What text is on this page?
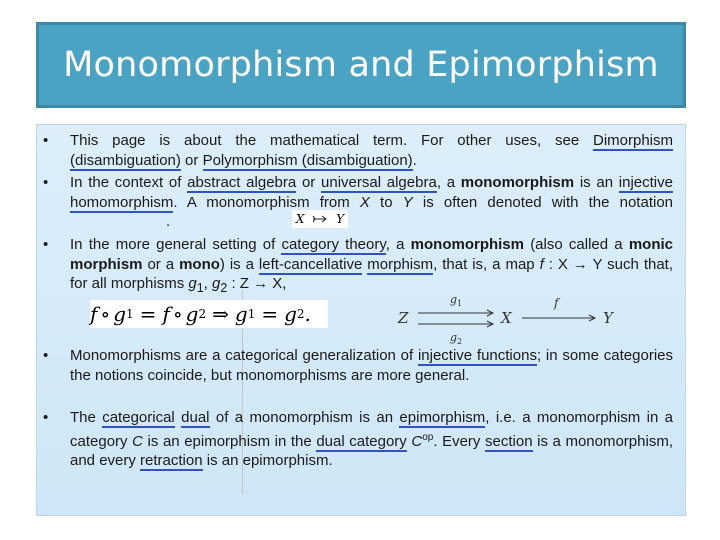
Monomorphism and Epimorphism
• This page is about the mathematical term. For other uses, see Dimorphism (disambiguation) or Polymorphism (disambiguation).
• In the context of abstract algebra or universal algebra, a monomorphism is an injective homomorphism. A monomorphism from X to Y is often denoted with the notation.
• In the more general setting of category theory, a monomorphism (also called a monic morphism or a mono) is a left-cancellative morphism, that is, a map f : X → Y such that, for all morphisms $g_1$, $g_2$ : Z → X,
• Monomorphisms are a categorical generalization of injective functions; in some categories the notions coincide, but monomorphisms are more general.
• The categorical dual of a monomorphism is an epimorphism, i.e. a monomorphism in a category C is an epimorphism in the dual category $C^{op}$. Every section is a monomorphism, and every retraction is an epimorphism.
X	Y
f ∘ g 1 = f ∘ g 2 ⇒ g 1 = g 2 .	Z	X	Y
$g_1$
$g_2$
f
